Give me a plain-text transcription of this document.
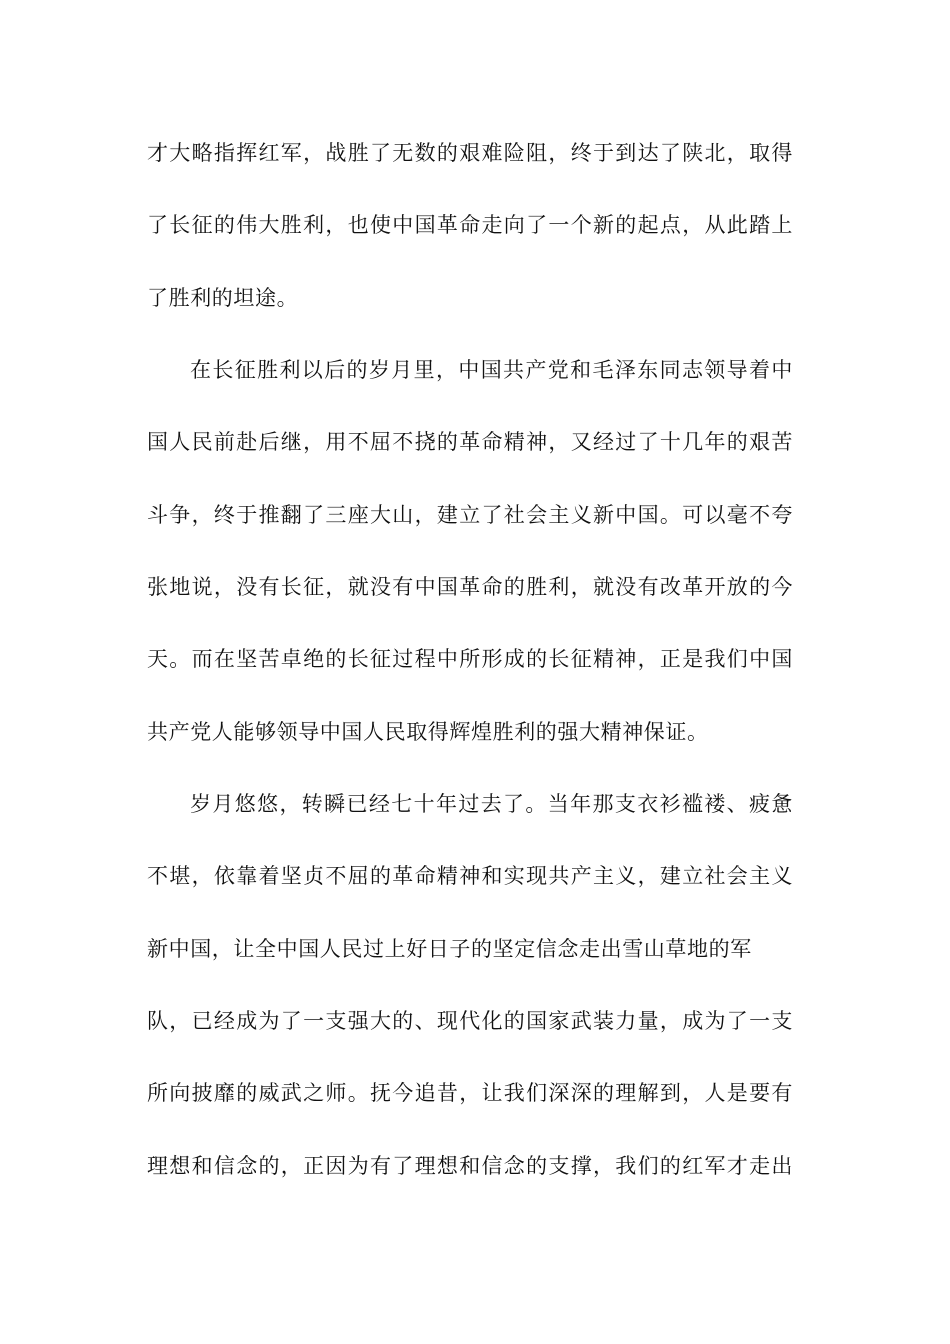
才大略指挥红军，战胜了无数的艰难险阻，终于到达了陕北，取得
了长征的伟大胜利，也使中国革命走向了一个新的起点，从此踏上
了胜利的坦途。
在长征胜利以后的岁月里，中国共产党和毛泽东同志领导着中
国人民前赴后继，用不屈不挠的革命精神，又经过了十几年的艰苦
斗争，终于推翻了三座大山，建立了社会主义新中国。可以毫不夸
张地说，没有长征，就没有中国革命的胜利，就没有改革开放的今
天。而在坚苦卓绝的长征过程中所形成的长征精神，正是我们中国
共产党人能够领导中国人民取得辉煌胜利的强大精神保证。
岁月悠悠，转瞬已经七十年过去了。当年那支衣衫褴褛、疲惫
不堪，依靠着坚贞不屈的革命精神和实现共产主义，建立社会主义
新中国，让全中国人民过上好日子的坚定信念走出雪山草地的军
队，已经成为了一支强大的、现代化的国家武装力量，成为了一支
所向披靡的威武之师。抚今追昔，让我们深深的理解到，人是要有
理想和信念的，正因为有了理想和信念的支撑，我们的红军才走出
